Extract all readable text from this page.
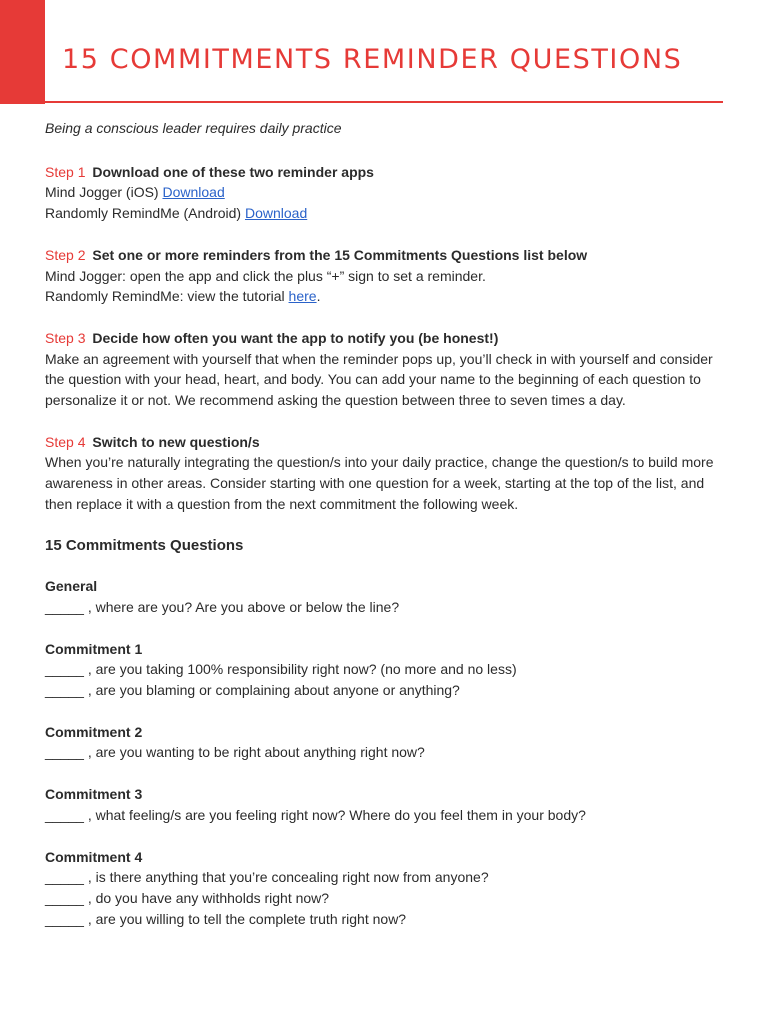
15 COMMITMENTS REMINDER QUESTIONS

Being a conscious leader requires daily practice

Step 1 Download one of these two reminder apps

Mind Jogger (iOS) Download

Randomly RemindMe (Android) Download

Step 2 Set one or more reminders from the 15 Commitments Questions list below

Mind Jogger: open the app and click the plus “+” sign to set a reminder.

Randomly RemindMe: view the tutorial here.

Step 3 Decide how often you want the app to notify you (be honest!)

Make an agreement with yourself that when the reminder pops up, you’ll check in with yourself and consider the question with your head, heart, and body. You can add your name to the beginning of each question to personalize it or not. We recommend asking the question between three to seven times a day.

Step 4 Switch to new question/s

When you’re naturally integrating the question/s into your daily practice, change the question/s to build more awareness in other areas. Consider starting with one question for a week, starting at the top of the list, and then replace it with a question from the next commitment the following week.

15 Commitments Questions

General

_____ , where are you? Are you above or below the line?

Commitment 1

_____ , are you taking 100% responsibility right now? (no more and no less)

_____ , are you blaming or complaining about anyone or anything?

Commitment 2

_____ , are you wanting to be right about anything right now?

Commitment 3

_____ , what feeling/s are you feeling right now? Where do you feel them in your body?

Commitment 4

_____ , is there anything that you’re concealing right now from anyone?

_____ , do you have any withholds right now?

_____ , are you willing to tell the complete truth right now?
